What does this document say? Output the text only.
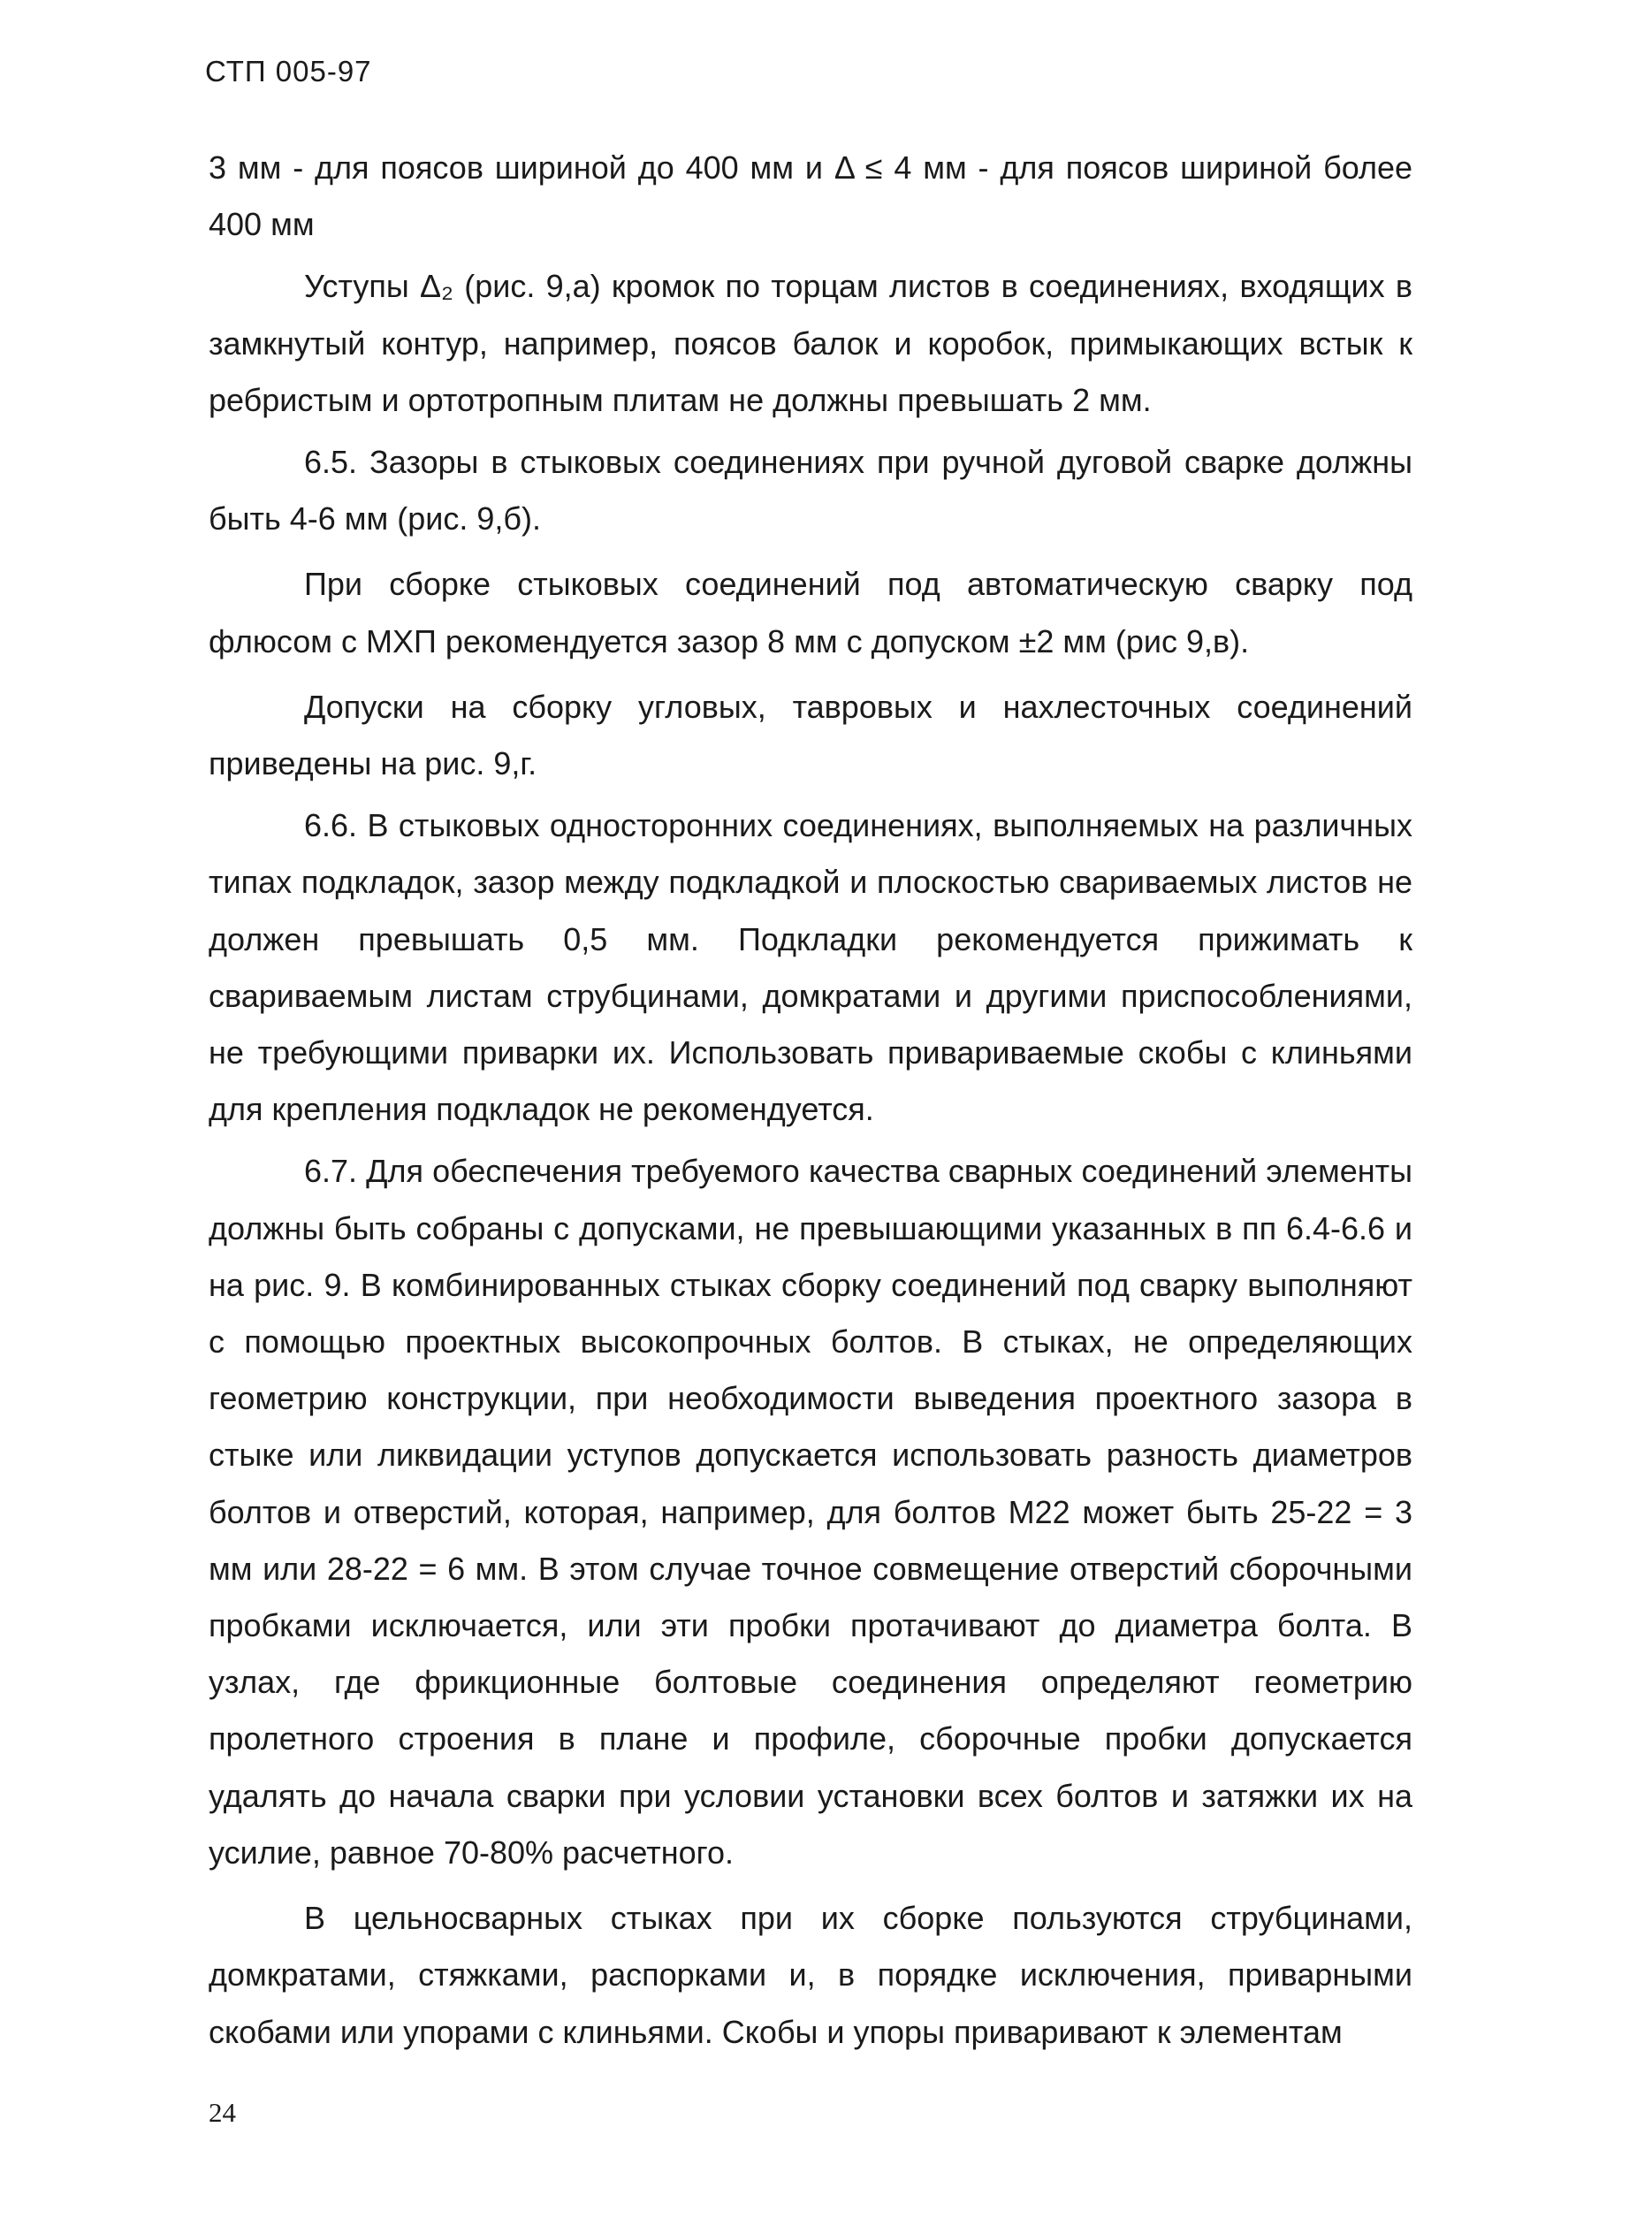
СТП 005-97

3 мм - для поясов шириной до 400 мм и Δ ≤ 4 мм - для поясов шириной более 400 мм

Уступы Δ₂ (рис. 9,а) кромок по торцам листов в соединениях, входящих в замкнутый контур, например, поясов балок и коробок, примыкающих встык к ребристым и ортотропным плитам не должны превышать 2 мм.

6.5. Зазоры в стыковых соединениях при ручной дуговой сварке должны быть 4-6 мм (рис. 9,б).

При сборке стыковых соединений под автоматическую сварку под флюсом с МХП рекомендуется зазор 8 мм с допуском ±2 мм (рис 9,в).

Допуски на сборку угловых, тавровых и нахлесточных соединений приведены на рис. 9,г.

6.6. В стыковых односторонних соединениях, выполняемых на различных типах подкладок, зазор между подкладкой и плоскостью свариваемых листов не должен превышать 0,5 мм. Подкладки рекомендуется прижимать к свариваемым листам струбцинами, домкратами и другими приспособлениями, не требующими приварки их. Использовать привариваемые скобы с клиньями для крепления подкладок не рекомендуется.

6.7. Для обеспечения требуемого качества сварных соединений элементы должны быть собраны с допусками, не превышающими указанных в пп 6.4-6.6 и на рис. 9. В комбинированных стыках сборку соединений под сварку выполняют с помощью проектных высокопрочных болтов. В стыках, не определяющих геометрию конструкции, при необходимости выведения проектного зазора в стыке или ликвидации уступов допускается использовать разность диаметров болтов и отверстий, которая, например, для болтов М22 может быть 25-22 = 3 мм или 28-22 = 6 мм. В этом случае точное совмещение отверстий сборочными пробками исключается, или эти пробки протачивают до диаметра болта. В узлах, где фрикционные болтовые соединения определяют геометрию пролетного строения в плане и профиле, сборочные пробки допускается удалять до начала сварки при условии установки всех болтов и затяжки их на усилие, равное 70-80% расчетного.

В цельносварных стыках при их сборке пользуются струбцинами, домкратами, стяжками, распорками и, в порядке исключения, приварными скобами или упорами с клиньями. Скобы и упоры приваривают к элементам

24
